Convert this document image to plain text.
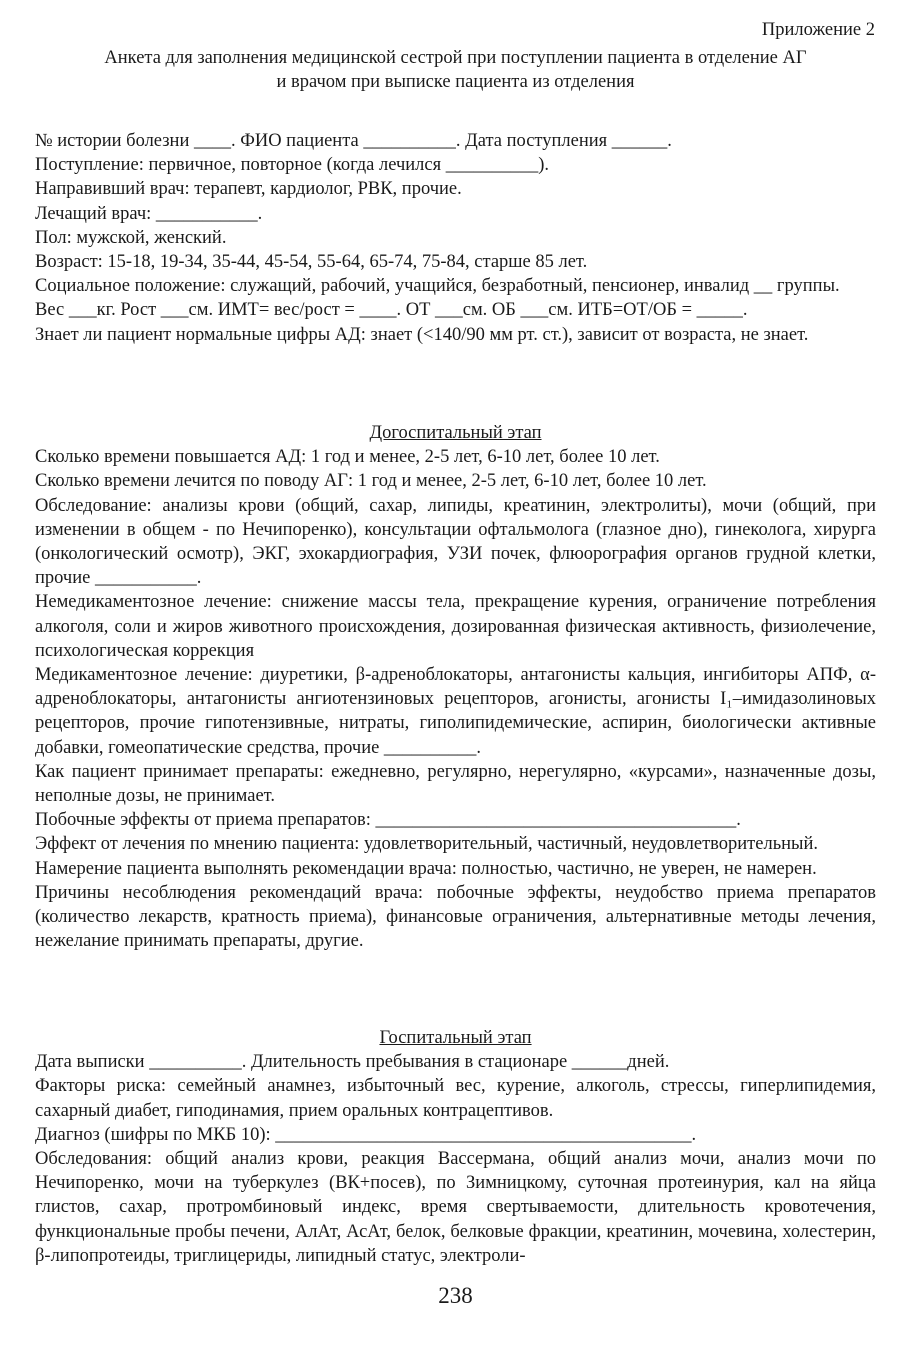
Приложение 2
Анкета для заполнения медицинской сестрой при поступлении пациента в отделение АГ
и врачом при выписке пациента из отделения

№ истории болезни ____. ФИО пациента __________. Дата поступления ______.

Поступление: первичное, повторное (когда лечился __________).

Направивший врач: терапевт, кардиолог, РВК, прочие.

Лечащий врач: ___________.

Пол: мужской, женский.

Возраст: 15-18, 19-34, 35-44, 45-54, 55-64, 65-74, 75-84, старше 85 лет.

Социальное положение: служащий, рабочий, учащийся, безработный, пенсионер, инвалид __ группы.

Вес ___кг. Рост ___см. ИМТ= вес/рост = ____. ОТ ___см. ОБ ___см. ИТБ=ОТ/ОБ = _____.

Знает ли пациент нормальные цифры АД: знает (<140/90 мм рт. ст.), зависит от возраста, не знает.

Догоспитальный этап

Сколько времени повышается АД: 1 год и менее, 2-5 лет, 6-10 лет, более 10 лет.

Сколько времени лечится по поводу АГ: 1 год и менее, 2-5 лет, 6-10 лет, более 10 лет.

Обследование: анализы крови (общий, сахар, липиды, креатинин, электролиты), мочи (общий, при изменении в общем - по Нечипоренко), консультации офтальмолога (глазное дно), гинеколога, хирурга (онкологический осмотр), ЭКГ, эхокардиография, УЗИ почек, флюорография органов грудной клетки, прочие ___________.

Немедикаментозное лечение: снижение массы тела, прекращение курения, ограничение потребления алкоголя, соли и жиров животного происхождения, дозированная физическая активность, физиолечение, психологическая коррекция

Медикаментозное лечение: диуретики, β-адреноблокаторы, антагонисты кальция, ингибиторы АПФ, α-адреноблокаторы, антагонисты ангиотензиновых рецепторов, агонисты, агонисты I₁–имидазолиновых рецепторов, прочие гипотензивные, нитраты, гиполипидемические, аспирин, биологически активные добавки, гомеопатические средства, прочие __________.

Как пациент принимает препараты: ежедневно, регулярно, нерегулярно, «курсами», назначенные дозы, неполные дозы, не принимает.

Побочные эффекты от приема препаратов: _______________________________________.

Эффект от лечения по мнению пациента: удовлетворительный, частичный, неудовлетворительный.

Намерение пациента выполнять рекомендации врача: полностью, частично, не уверен, не намерен.

Причины несоблюдения рекомендаций врача: побочные эффекты, неудобство приема препаратов (количество лекарств, кратность приема), финансовые ограничения, альтернативные методы лечения, нежелание принимать препараты, другие.

Госпитальный этап

Дата выписки __________. Длительность пребывания в стационаре ______дней.

Факторы риска: семейный анамнез, избыточный вес, курение, алкоголь, стрессы, гиперлипидемия, сахарный диабет, гиподинамия, прием оральных контрацептивов.

Диагноз (шифры по МКБ 10): _____________________________________________.

Обследования: общий анализ крови, реакция Вассермана, общий анализ мочи, анализ мочи по Нечипоренко, мочи на туберкулез (ВК+посев), по Зимницкому, суточная протеинурия, кал на яйца глистов, сахар, протромбиновый индекс, время свертываемости, длительность кровотечения, функциональные пробы печени, АлАт, АсАт, белок, белковые фракции, креатинин, мочевина, холестерин, β-липопротеиды, триглицериды, липидный статус, электроли-

238
